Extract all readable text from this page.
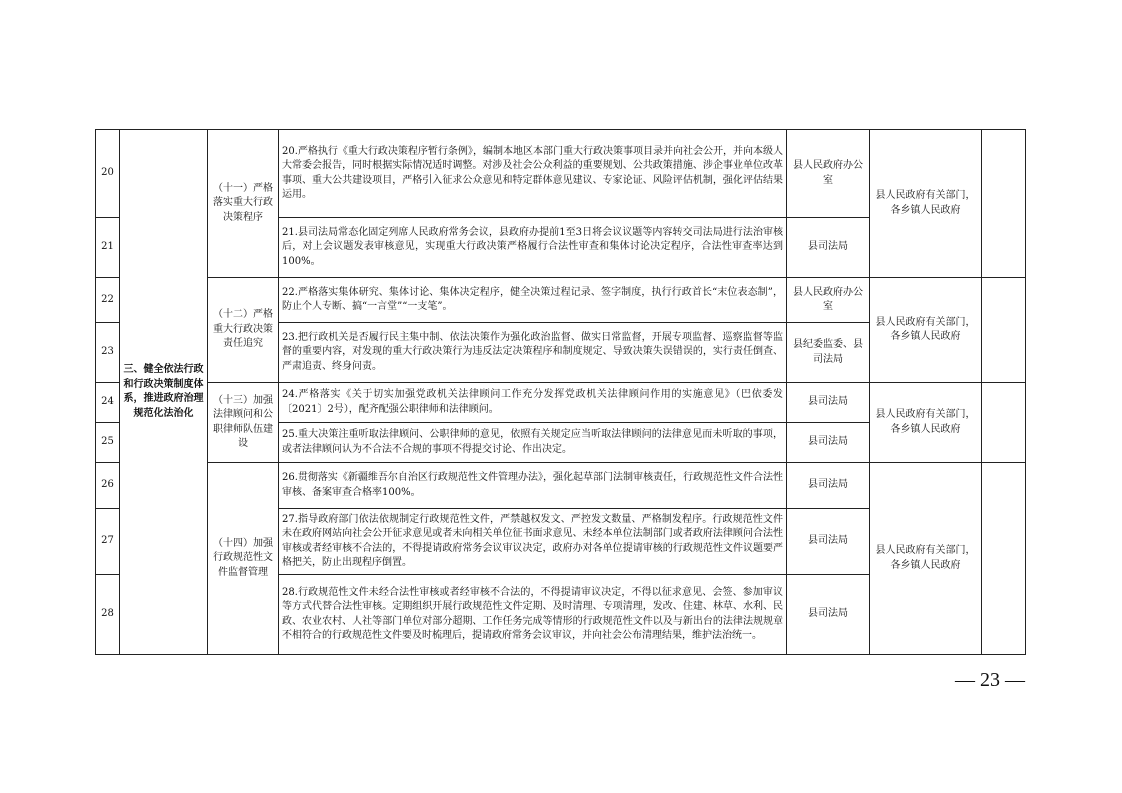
20	三、健全依法行政和行政决策制度体系，推进政府治理规范化法治化	（十一）严格落实重大行政决策程序	20.严格执行《重大行政决策程序暂行条例》，编制本地区本部门重大行政决策事项目录并向社会公开，并向本级人大常委会报告，同时根据实际情况适时调整。对涉及社会公众利益的重要规划、公共政策措施、涉企事业单位改革事项、重大公共建设项目，严格引入征求公众意见和特定群体意见建议、专家论证、风险评估机制，强化评估结果运用。	县人民政府办公室	县人民政府有关部门，各乡镇人民政府	
21			21.县司法局常态化固定列席人民政府常务会议，县政府办提前1至3日将会议议题等内容转交司法局进行法治审核后，对上会议题发表审核意见，实现重大行政决策严格履行合法性审查和集体讨论决定程序，合法性审查率达到100%。	县司法局		
22		（十二）严格重大行政决策责任追究	22.严格落实集体研究、集体讨论、集体决定程序，健全决策过程记录、签字制度，执行行政首长“末位表态制”，防止个人专断、搞“一言堂”“一支笔”。	县人民政府办公室	县人民政府有关部门，各乡镇人民政府	
23			23.把行政机关是否履行民主集中制、依法决策作为强化政治监督、做实日常监督，开展专项监督、巡察监督等监督的重要内容，对发现的重大行政决策行为违反法定决策程序和制度规定、导致决策失误错误的，实行责任倒查、严肃追责、终身问责。	县纪委监委、县司法局		
24		（十三）加强法律顾问和公职律师队伍建设	24.严格落实《关于切实加强党政机关法律顾问工作充分发挥党政机关法律顾问作用的实施意见》（巴依委发〔2021〕2号），配齐配强公职律师和法律顾问。	县司法局	县人民政府有关部门，各乡镇人民政府	
25			25.重大决策注重听取法律顾问、公职律师的意见，依照有关规定应当听取法律顾问的法律意见而未听取的事项，或者法律顾问认为不合法不合规的事项不得提交讨论、作出决定。	县司法局		
26		（十四）加强行政规范性文件监督管理	26.贯彻落实《新疆维吾尔自治区行政规范性文件管理办法》，强化起草部门法制审核责任，行政规范性文件合法性审核、备案审查合格率100%。	县司法局	县人民政府有关部门，各乡镇人民政府	
27			27.指导政府部门依法依规制定行政规范性文件，严禁越权发文、严控发文数量、严格制发程序。行政规范性文件未在政府网站向社会公开征求意见或者未向相关单位征书面求意见、未经本单位法制部门或者政府法律顾问合法性审核或者经审核不合法的，不得提请政府常务会议审议决定，政府办对各单位提请审核的行政规范性文件议题要严格把关，防止出现程序倒置。	县司法局		
28			28.行政规范性文件未经合法性审核或者经审核不合法的，不得提请审议决定，不得以征求意见、会签、参加审议等方式代替合法性审核。定期组织开展行政规范性文件定期、及时清理、专项清理，发改、住建、林草、水利、民政、农业农村、人社等部门单位对部分超期、工作任务完成等情形的行政规范性文件以及与新出台的法律法规规章不相符合的行政规范性文件要及时梳理后，提请政府常务会议审议，并向社会公布清理结果，维护法治统一。	县司法局		
— 23 —
